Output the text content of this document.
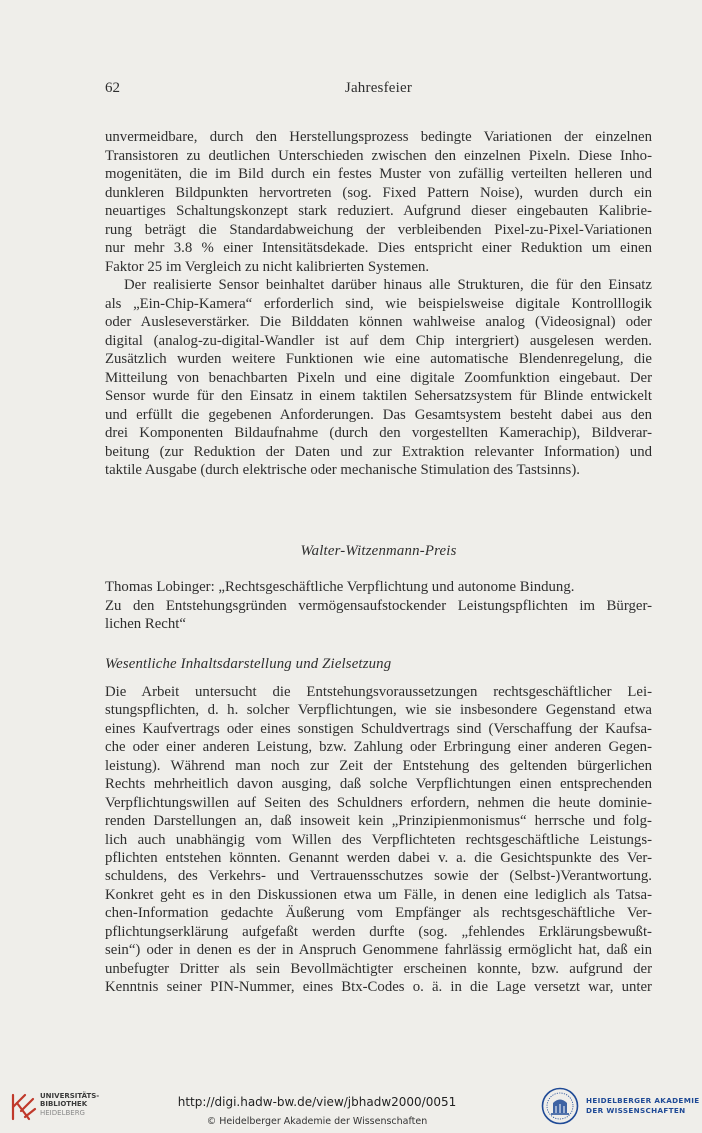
62	Jahresfeier
unvermeidbare, durch den Herstellungsprozess bedingte Variationen der einzelnen
Transistoren zu deutlichen Unterschieden zwischen den einzelnen Pixeln. Diese Inho-
mogenitäten, die im Bild durch ein festes Muster von zufällig verteilten helleren und
dunkleren Bildpunkten hervortreten (sog. Fixed Pattern Noise), wurden durch ein
neuartiges Schaltungskonzept stark reduziert. Aufgrund dieser eingebauten Kalibrie-
rung beträgt die Standardabweichung der verbleibenden Pixel-zu-Pixel-Variationen
nur mehr 3.8 % einer Intensitätsdekade. Dies entspricht einer Reduktion um einen
Faktor 25 im Vergleich zu nicht kalibrierten Systemen.
Der realisierte Sensor beinhaltet darüber hinaus alle Strukturen, die für den Einsatz
als „Ein-Chip-Kamera“ erforderlich sind, wie beispielsweise digitale Kontrolllogik
oder Ausleseverstärker. Die Bilddaten können wahlweise analog (Videosignal) oder
digital (analog-zu-digital-Wandler ist auf dem Chip intergriert) ausgelesen werden.
Zusätzlich wurden weitere Funktionen wie eine automatische Blendenregelung, die
Mitteilung von benachbarten Pixeln und eine digitale Zoomfunktion eingebaut. Der
Sensor wurde für den Einsatz in einem taktilen Sehersatzsystem für Blinde entwickelt
und erfüllt die gegebenen Anforderungen. Das Gesamtsystem besteht dabei aus den
drei Komponenten Bildaufnahme (durch den vorgestellten Kamerachip), Bildverar-
beitung (zur Reduktion der Daten und zur Extraktion relevanter Information) und
taktile Ausgabe (durch elektrische oder mechanische Stimulation des Tastsinns).
Walter-Witzenmann-Preis
Thomas Lobinger: „Rechtsgeschäftliche Verpflichtung und autonome Bindung.
Zu den Entstehungsgründen vermögensaufstockender Leistungspflichten im Bürger-
lichen Recht“
Wesentliche Inhaltsdarstellung und Zielsetzung
Die Arbeit untersucht die Entstehungsvoraussetzungen rechtsgeschäftlicher Lei-
stungspflichten, d. h. solcher Verpflichtungen, wie sie insbesondere Gegenstand etwa
eines Kaufvertrags oder eines sonstigen Schuldvertrags sind (Verschaffung der Kaufsa-
che oder einer anderen Leistung, bzw. Zahlung oder Erbringung einer anderen Gegen-
leistung). Während man noch zur Zeit der Entstehung des geltenden bürgerlichen
Rechts mehrheitlich davon ausging, daß solche Verpflichtungen einen entsprechenden
Verpflichtungswillen auf Seiten des Schuldners erfordern, nehmen die heute dominie-
renden Darstellungen an, daß insoweit kein „Prinzipienmonismus“ herrsche und folg-
lich auch unabhängig vom Willen des Verpflichteten rechtsgeschäftliche Leistungs-
pflichten entstehen könnten. Genannt werden dabei v. a. die Gesichtspunkte des Ver-
schuldens, des Verkehrs- und Vertrauensschutzes sowie der (Selbst-)Verantwortung.
Konkret geht es in den Diskussionen etwa um Fälle, in denen eine lediglich als Tatsa-
chen-Information gedachte Äußerung vom Empfänger als rechtsgeschäftliche Ver-
pflichtungserklärung aufgefaßt werden durfte (sog. „fehlendes Erklärungsbewußt-
sein“) oder in denen es der in Anspruch Genommene fahrlässig ermöglicht hat, daß ein
unbefugter Dritter als sein Bevollmächtigter erscheinen konnte, bzw. aufgrund der
Kenntnis seiner PIN-Nummer, eines Btx-Codes o. ä. in die Lage versetzt war, unter
UNIVERSITÄTS-
BIBLIOTHEK
HEIDELBERG
http://digi.hadw-bw.de/view/jbhadw2000/0051
© Heidelberger Akademie der Wissenschaften
HEIDELBERGER AKADEMIE
DER WISSENSCHAFTEN
